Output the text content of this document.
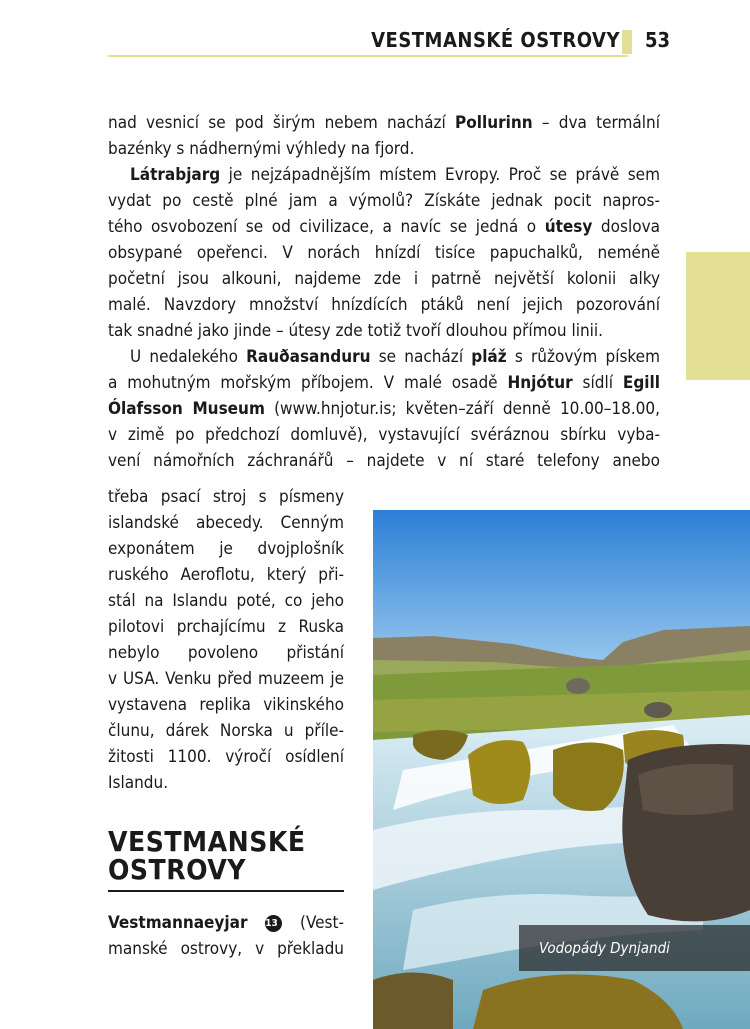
VESTMANSKÉ OSTROVY 53
nad vesnicí se pod širým nebem nachází Pollurinn – dva termální
bazénky s nádhernými výhledy na fjord.
Látrabjarg je nejzápadnějším místem Evropy. Proč se právě sem
vydat po cestě plné jam a výmolů? Získáte jednak pocit napros-
tého osvobození se od civilizace, a navíc se jedná o útesy doslova
obsypané opeřenci. V norách hnízdí tisíce papuchalků, neméně
početní jsou alkouni, najdeme zde i patrně největší kolonii alky
malé. Navzdory množství hnízdících ptáků není jejich pozorování
tak snadné jako jinde – útesy zde totiž tvoří dlouhou přímou linii.
U nedalekého Rauðasanduru se nachází pláž s růžovým pískem
a mohutným mořským příbojem. V malé osadě Hnjótur sídlí Egill
Ólafsson Museum (www.hnjotur.is; květen–září denně 10.00–18.00,
v zimě po předchozí domluvě), vystavující svéráznou sbírku vyba-
vení námořních záchranářů – najdete v ní staré telefony anebo
třeba psací stroj s písmeny
islandské abecedy. Cenným
exponátem je dvojplošník
ruského Aeroflotu, který při-
stál na Islandu poté, co jeho
pilotovi prchajícímu z Ruska
nebylo povoleno přistání
v USA. Venku před muzeem je
vystavena replika vikinského
člunu, dárek Norska u příle-
žitosti 1100. výročí osídlení
Islandu.
VESTMANSKÉ
OSTROVY
Vestmannaeyjar 13 (Vest-
manské ostrovy, v překladu	Vodopády Dynjandi
